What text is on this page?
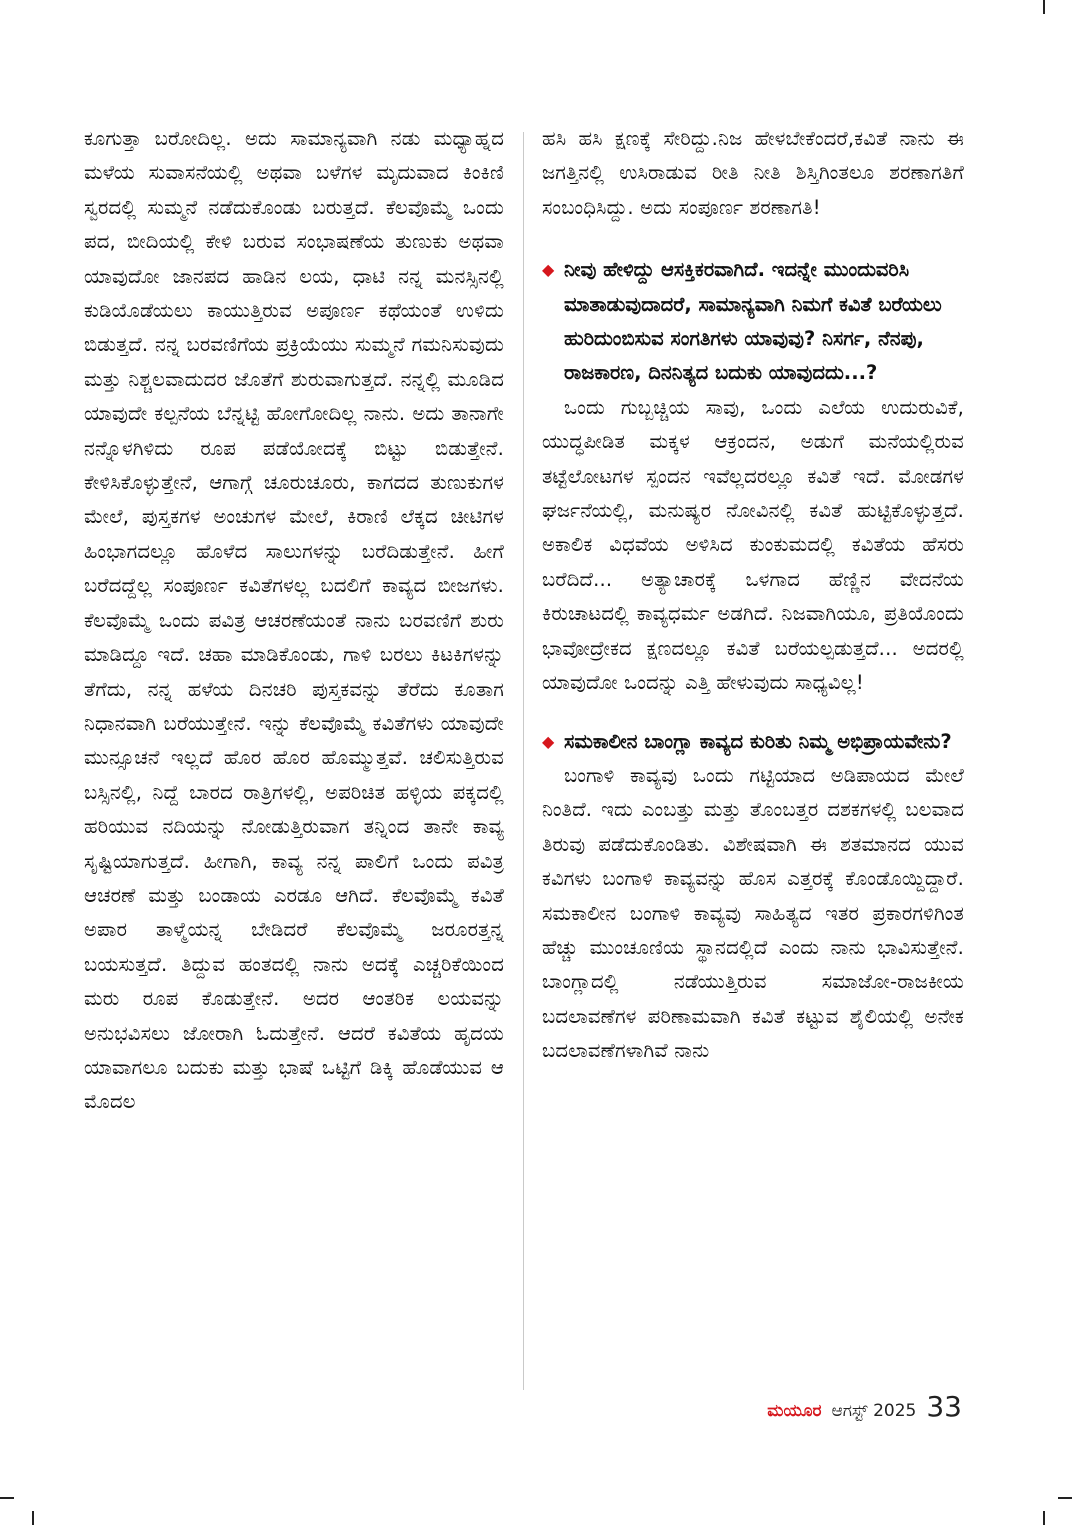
ಕೂಗುತ್ತಾ ಬರೋದಿಲ್ಲ. ಅದು ಸಾಮಾನ್ಯವಾಗಿ ನಡು ಮಧ್ಯಾಹ್ನದ ಮಳೆಯ ಸುವಾಸನೆಯಲ್ಲಿ ಅಥವಾ ಬಳೆಗಳ ಮೃದುವಾದ ಕಿಂಕಿಣಿ ಸ್ವರದಲ್ಲಿ ಸುಮ್ಮನೆ ನಡೆದುಕೊಂಡು ಬರುತ್ತದೆ. ಕೆಲವೊಮ್ಮೆ ಒಂದು ಪದ, ಬೀದಿಯಲ್ಲಿ ಕೇಳಿ ಬರುವ ಸಂಭಾಷಣೆಯ ತುಣುಕು ಅಥವಾ ಯಾವುದೋ ಜಾನಪದ ಹಾಡಿನ ಲಯ, ಧಾಟಿ ನನ್ನ ಮನಸ್ಸಿನಲ್ಲಿ ಕುಡಿಯೊಡೆಯಲು ಕಾಯುತ್ತಿರುವ ಅಪೂರ್ಣ ಕಥೆಯಂತೆ ಉಳಿದು ಬಿಡುತ್ತದೆ. ನನ್ನ ಬರವಣಿಗೆಯ ಪ್ರಕ್ರಿಯೆಯು ಸುಮ್ಮನೆ ಗಮನಿಸುವುದು ಮತ್ತು ನಿಶ್ಚಲವಾದುದರ ಜೊತೆಗೆ ಶುರುವಾಗುತ್ತದೆ. ನನ್ನಲ್ಲಿ ಮೂಡಿದ ಯಾವುದೇ ಕಲ್ಪನೆಯ ಬೆನ್ನಟ್ಟಿ ಹೋಗೋದಿಲ್ಲ ನಾನು. ಅದು ತಾನಾಗೇ ನನ್ನೊಳಗಿಳಿದು ರೂಪ ಪಡೆಯೋದಕ್ಕೆ ಬಿಟ್ಟು ಬಿಡುತ್ತೇನೆ. ಕೇಳಿಸಿಕೊಳ್ಳುತ್ತೇನೆ, ಆಗಾಗ್ಗೆ ಚೂರುಚೂರು, ಕಾಗದದ ತುಣುಕುಗಳ ಮೇಲೆ, ಪುಸ್ತಕಗಳ ಅಂಚುಗಳ ಮೇಲೆ, ಕಿರಾಣಿ ಲೆಕ್ಕದ ಚೀಟಿಗಳ ಹಿಂಭಾಗದಲ್ಲೂ ಹೊಳೆದ ಸಾಲುಗಳನ್ನು ಬರೆದಿಡುತ್ತೇನೆ. ಹೀಗೆ ಬರೆದದ್ದೆಲ್ಲ ಸಂಪೂರ್ಣ ಕವಿತೆಗಳಲ್ಲ ಬದಲಿಗೆ ಕಾವ್ಯದ ಬೀಜಗಳು. ಕೆಲವೊಮ್ಮೆ ಒಂದು ಪವಿತ್ರ ಆಚರಣೆಯಂತೆ ನಾನು ಬರವಣಿಗೆ ಶುರು ಮಾಡಿದ್ದೂ ಇದೆ. ಚಹಾ ಮಾಡಿಕೊಂಡು, ಗಾಳಿ ಬರಲು ಕಿಟಕಿಗಳನ್ನು ತೆಗೆದು, ನನ್ನ ಹಳೆಯ ದಿನಚರಿ ಪುಸ್ತಕವನ್ನು ತೆರೆದು ಕೂತಾಗ ನಿಧಾನವಾಗಿ ಬರೆಯುತ್ತೇನೆ. ಇನ್ನು ಕೆಲವೊಮ್ಮೆ ಕವಿತೆಗಳು ಯಾವುದೇ ಮುನ್ಸೂಚನೆ ಇಲ್ಲದೆ ಹೊರ ಹೊರ ಹೊಮ್ಮುತ್ತವೆ. ಚಲಿಸುತ್ತಿರುವ ಬಸ್ಸಿನಲ್ಲಿ, ನಿದ್ದೆ ಬಾರದ ರಾತ್ರಿಗಳಲ್ಲಿ, ಅಪರಿಚಿತ ಹಳ್ಳಿಯ ಪಕ್ಕದಲ್ಲಿ ಹರಿಯುವ ನದಿಯನ್ನು ನೋಡುತ್ತಿರುವಾಗ ತನ್ನಿಂದ ತಾನೇ ಕಾವ್ಯ ಸೃಷ್ಟಿಯಾಗುತ್ತದೆ. ಹೀಗಾಗಿ, ಕಾವ್ಯ ನನ್ನ ಪಾಲಿಗೆ ಒಂದು ಪವಿತ್ರ ಆಚರಣೆ ಮತ್ತು ಬಂಡಾಯ ಎರಡೂ ಆಗಿದೆ. ಕೆಲವೊಮ್ಮೆ ಕವಿತೆ ಅಪಾರ ತಾಳ್ಮೆಯನ್ನ ಬೇಡಿದರೆ ಕೆಲವೊಮ್ಮೆ ಜರೂರತ್ತನ್ನ ಬಯಸುತ್ತದೆ. ತಿದ್ದುವ ಹಂತದಲ್ಲಿ ನಾನು ಅದಕ್ಕೆ ಎಚ್ಚರಿಕೆಯಿಂದ ಮರು ರೂಪ ಕೊಡುತ್ತೇನೆ. ಅದರ ಆಂತರಿಕ ಲಯವನ್ನು ಅನುಭವಿಸಲು ಜೋರಾಗಿ ಓದುತ್ತೇನೆ. ಆದರೆ ಕವಿತೆಯ ಹೃದಯ ಯಾವಾಗಲೂ ಬದುಕು ಮತ್ತು ಭಾಷೆ ಒಟ್ಟಿಗೆ ಡಿಕ್ಕಿ ಹೊಡೆಯುವ ಆ ಮೊದಲ

ಹಸಿ ಹಸಿ ಕ್ಷಣಕ್ಕೆ ಸೇರಿದ್ದು.ನಿಜ ಹೇಳಬೇಕೆಂದರೆ,ಕವಿತೆ ನಾನು ಈ ಜಗತ್ತಿನಲ್ಲಿ ಉಸಿರಾಡುವ ರೀತಿ ನೀತಿ ಶಿಸ್ತಿಗಿಂತಲೂ ಶರಣಾಗತಿಗೆ ಸಂಬಂಧಿಸಿದ್ದು. ಅದು ಸಂಪೂರ್ಣ ಶರಣಾಗತಿ!

◆ ನೀವು ಹೇಳಿದ್ದು ಆಸಕ್ತಿಕರವಾಗಿದೆ. ಇದನ್ನೇ ಮುಂದುವರಿಸಿ ಮಾತಾಡುವುದಾದರೆ, ಸಾಮಾನ್ಯವಾಗಿ ನಿಮಗೆ ಕವಿತೆ ಬರೆಯಲು ಹುರಿದುಂಬಿಸುವ ಸಂಗತಿಗಳು ಯಾವುವು? ನಿಸರ್ಗ, ನೆನಪು, ರಾಜಕಾರಣ, ದಿನನಿತ್ಯದ ಬದುಕು ಯಾವುದದು...?

ಒಂದು ಗುಬ್ಬಚ್ಚಿಯ ಸಾವು, ಒಂದು ಎಲೆಯ ಉದುರುವಿಕೆ, ಯುದ್ಧಪೀಡಿತ ಮಕ್ಕಳ ಆಕ್ರಂದನ, ಅಡುಗೆ ಮನೆಯಲ್ಲಿರುವ ತಟ್ಟೆಲೋಟಗಳ ಸ್ಪಂದನ ಇವೆಲ್ಲದರಲ್ಲೂ ಕವಿತೆ ಇದೆ. ಮೋಡಗಳ ಘರ್ಜನೆಯಲ್ಲಿ, ಮನುಷ್ಯರ ನೋವಿನಲ್ಲಿ ಕವಿತೆ ಹುಟ್ಟಿಕೊಳ್ಳುತ್ತದೆ. ಅಕಾಲಿಕ ವಿಧವೆಯ ಅಳಿಸಿದ ಕುಂಕುಮದಲ್ಲಿ ಕವಿತೆಯ ಹೆಸರು ಬರೆದಿದೆ... ಅತ್ಯಾಚಾರಕ್ಕೆ ಒಳಗಾದ ಹೆಣ್ಣಿನ ವೇದನೆಯ ಕಿರುಚಾಟದಲ್ಲಿ ಕಾವ್ಯಧರ್ಮ ಅಡಗಿದೆ. ನಿಜವಾಗಿಯೂ, ಪ್ರತಿಯೊಂದು ಭಾವೋದ್ರೇಕದ ಕ್ಷಣದಲ್ಲೂ ಕವಿತೆ ಬರೆಯಲ್ಪಡುತ್ತದೆ... ಅದರಲ್ಲಿ ಯಾವುದೋ ಒಂದನ್ನು ಎತ್ತಿ ಹೇಳುವುದು ಸಾಧ್ಯವಿಲ್ಲ!

◆ ಸಮಕಾಲೀನ ಬಾಂಗ್ಲಾ ಕಾವ್ಯದ ಕುರಿತು ನಿಮ್ಮ ಅಭಿಪ್ರಾಯವೇನು?

ಬಂಗಾಳಿ ಕಾವ್ಯವು ಒಂದು ಗಟ್ಟಿಯಾದ ಅಡಿಪಾಯದ ಮೇಲೆ ನಿಂತಿದೆ. ಇದು ಎಂಬತ್ತು ಮತ್ತು ತೊಂಬತ್ತರ ದಶಕಗಳಲ್ಲಿ ಬಲವಾದ ತಿರುವು ಪಡೆದುಕೊಂಡಿತು. ವಿಶೇಷವಾಗಿ ಈ ಶತಮಾನದ ಯುವ ಕವಿಗಳು ಬಂಗಾಳಿ ಕಾವ್ಯವನ್ನು ಹೊಸ ಎತ್ತರಕ್ಕೆ ಕೊಂಡೊಯ್ದಿದ್ದಾರೆ. ಸಮಕಾಲೀನ ಬಂಗಾಳಿ ಕಾವ್ಯವು ಸಾಹಿತ್ಯದ ಇತರ ಪ್ರಕಾರಗಳಿಗಿಂತ ಹೆಚ್ಚು ಮುಂಚೂಣಿಯ ಸ್ಥಾನದಲ್ಲಿದೆ ಎಂದು ನಾನು ಭಾವಿಸುತ್ತೇನೆ. ಬಾಂಗ್ಲಾದಲ್ಲಿ ನಡೆಯುತ್ತಿರುವ ಸಮಾಜೋ-ರಾಜಕೀಯ ಬದಲಾವಣೆಗಳ ಪರಿಣಾಮವಾಗಿ ಕವಿತೆ ಕಟ್ಟುವ ಶೈಲಿಯಲ್ಲಿ ಅನೇಕ ಬದಲಾವಣೆಗಳಾಗಿವೆ ನಾನು

ಮಯೂರ ಆಗಸ್ಟ್ 2025 33
